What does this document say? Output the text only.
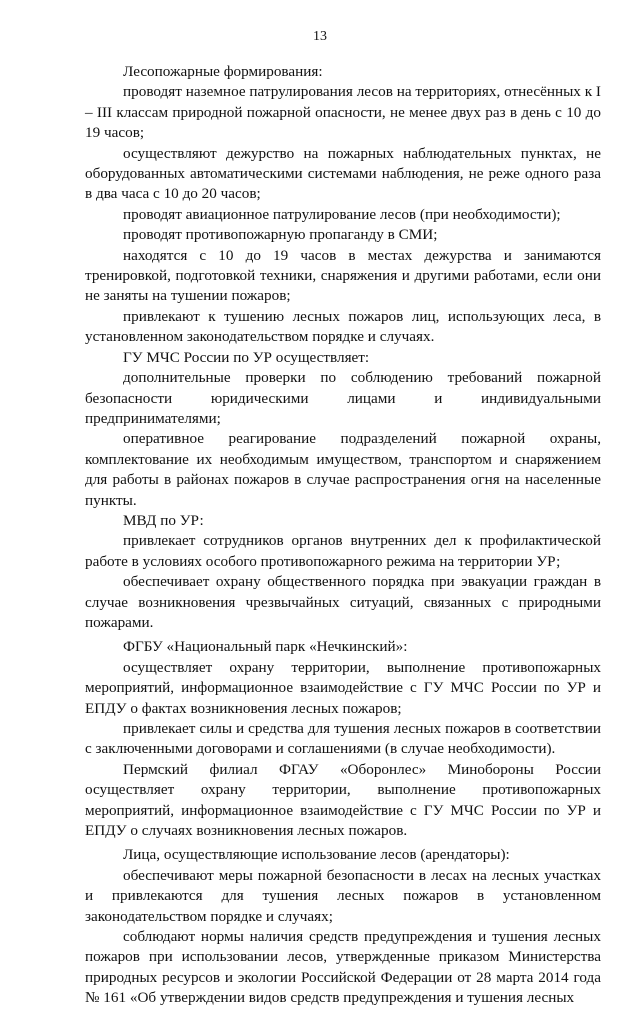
13

Лесопожарные формирования:

проводят наземное патрулирования лесов на территориях, отнесённых к I – III классам природной пожарной опасности, не менее двух раз в день с 10 до 19 часов;

осуществляют дежурство на пожарных наблюдательных пунктах, не оборудованных автоматическими системами наблюдения, не реже одного раза в два часа с 10 до 20 часов;

проводят авиационное патрулирование лесов (при необходимости);

проводят противопожарную пропаганду в СМИ;

находятся с 10 до 19 часов в местах дежурства и занимаются тренировкой, подготовкой техники, снаряжения и другими работами, если они не заняты на тушении пожаров;

привлекают к тушению лесных пожаров лиц, использующих леса, в установленном законодательством порядке и случаях.

ГУ МЧС России по УР осуществляет:

дополнительные проверки по соблюдению требований пожарной безопасности юридическими лицами и индивидуальными предпринимателями;

оперативное реагирование подразделений пожарной охраны, комплектование их необходимым имуществом, транспортом и снаряжением для работы в районах пожаров в случае распространения огня на населенные пункты.

МВД по УР:

привлекает сотрудников органов внутренних дел к профилактической работе в условиях особого противопожарного режима на территории УР;

обеспечивает охрану общественного порядка при эвакуации граждан в случае возникновения чрезвычайных ситуаций, связанных с природными пожарами.

ФГБУ «Национальный парк «Нечкинский»:

осуществляет охрану территории, выполнение противопожарных мероприятий, информационное взаимодействие с ГУ МЧС России по УР и ЕПДУ о фактах возникновения лесных пожаров;

привлекает силы и средства для тушения лесных пожаров в соответствии с заключенными договорами и соглашениями (в случае необходимости).

Пермский филиал ФГАУ «Оборонлес» Минобороны России осуществляет охрану территории, выполнение противопожарных мероприятий, информационное взаимодействие с ГУ МЧС России по УР и ЕПДУ о случаях возникновения лесных пожаров.

Лица, осуществляющие использование лесов (арендаторы):

обеспечивают меры пожарной безопасности в лесах на лесных участках и привлекаются для тушения лесных пожаров в установленном законодательством порядке и случаях;

соблюдают нормы наличия средств предупреждения и тушения лесных пожаров при использовании лесов, утвержденные приказом Министерства природных ресурсов и экологии Российской Федерации от 28 марта 2014 года № 161 «Об утверждении видов средств предупреждения и тушения лесных
